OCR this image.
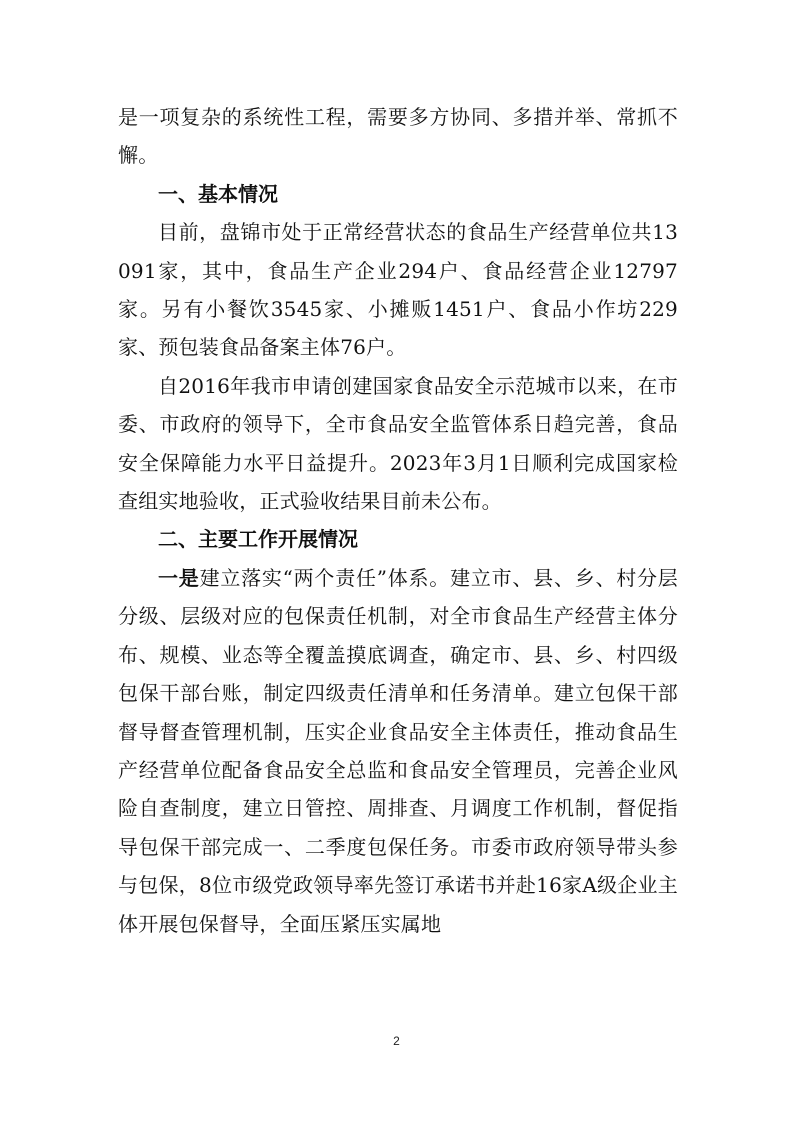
是一项复杂的系统性工程，需要多方协同、多措并举、常抓不懈。

一、基本情况

目前，盘锦市处于正常经营状态的食品生产经营单位共13091家，其中，食品生产企业294户、食品经营企业12797家。另有小餐饮3545家、小摊贩1451户、食品小作坊229家、预包装食品备案主体76户。

自2016年我市申请创建国家食品安全示范城市以来，在市委、市政府的领导下，全市食品安全监管体系日趋完善，食品安全保障能力水平日益提升。2023年3月1日顺利完成国家检查组实地验收，正式验收结果目前未公布。

二、主要工作开展情况

一是建立落实“两个责任”体系。建立市、县、乡、村分层分级、层级对应的包保责任机制，对全市食品生产经营主体分布、规模、业态等全覆盖摸底调查，确定市、县、乡、村四级包保干部台账，制定四级责任清单和任务清单。建立包保干部督导督查管理机制，压实企业食品安全主体责任，推动食品生产经营单位配备食品安全总监和食品安全管理员，完善企业风险自查制度，建立日管控、周排查、月调度工作机制，督促指导包保干部完成一、二季度包保任务。市委市政府领导带头参与包保，8位市级党政领导率先签订承诺书并赴16家A级企业主体开展包保督导，全面压紧压实属地

2
